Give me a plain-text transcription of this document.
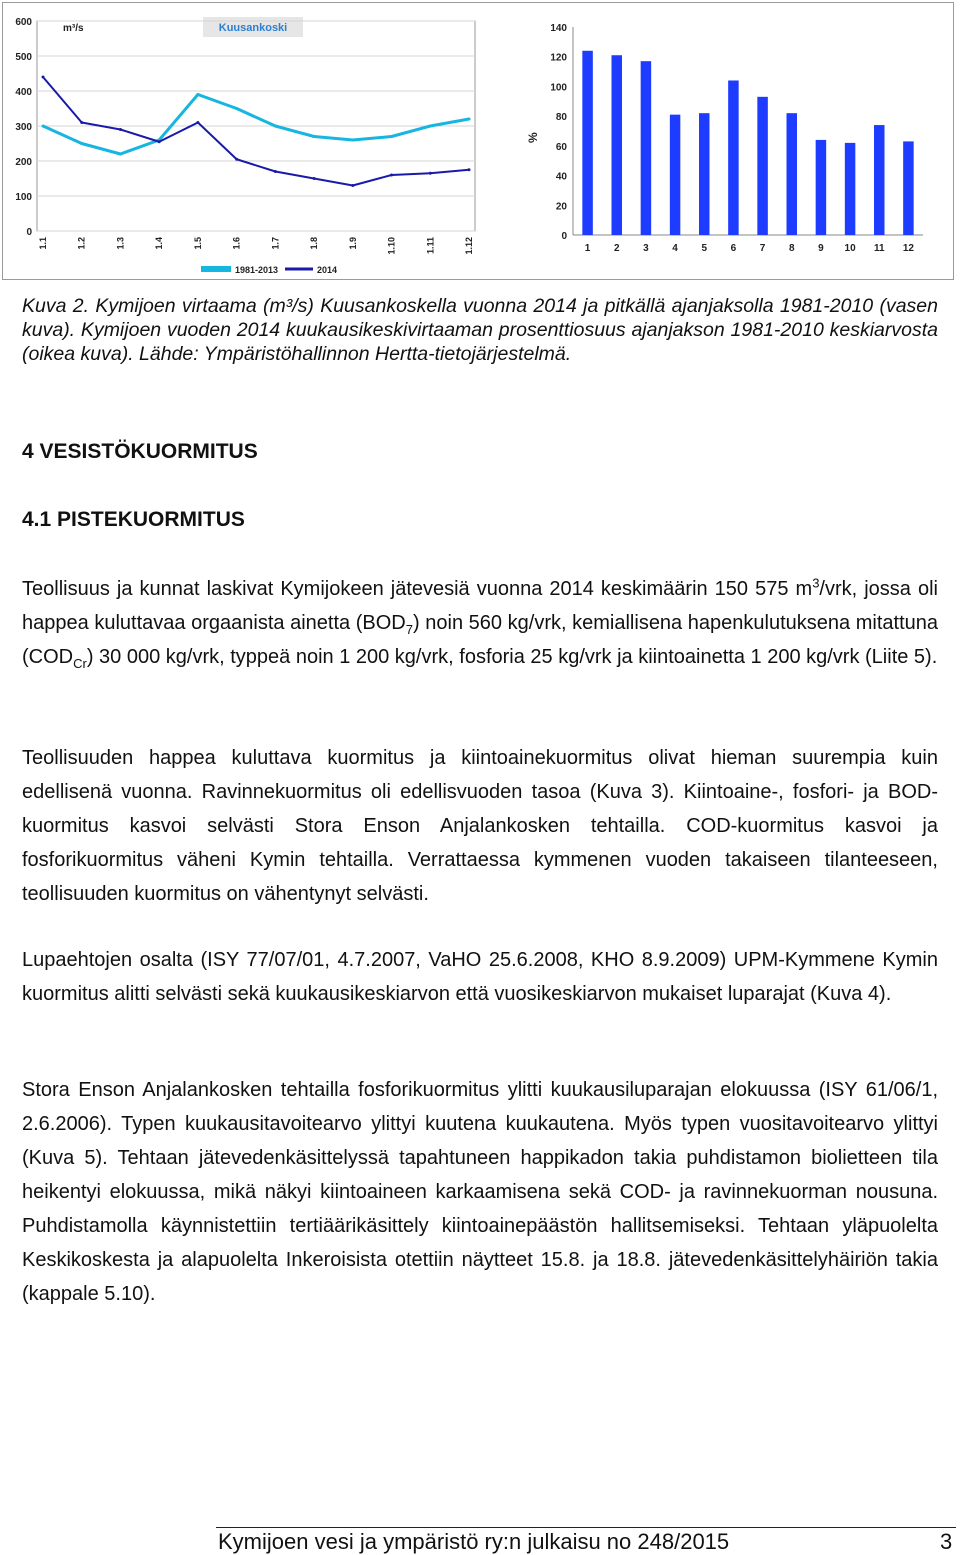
Kuusankoski
m³/s
600
500
400
300
200
100
0
1.1	1.2	1.3	1.4	1.5	1.6	1.7	1.8	1.9	1.10	1.11	1.12
1981-2013	2014
%
140
120
100
80
60
40
20
0
1 2 3 4 5 6 7 8 9 10 11 12

Kuva 2. Kymijoen virtaama (m³/s) Kuusankoskella vuonna 2014 ja pitkällä ajanjaksolla 1981-2010 (vasen kuva). Kymijoen vuoden 2014 kuukausikeskivirtaaman prosenttiosuus ajanjakson 1981-2010 keskiarvosta (oikea kuva). Lähde: Ympäristöhallinnon Hertta-tietojärjestelmä.

4 VESISTÖKUORMITUS
4.1 PISTEKUORMITUS

Teollisuus ja kunnat laskivat Kymijokeen jätevesiä vuonna 2014 keskimäärin 150 575 $m^3$/vrk, jossa oli happea kuluttavaa orgaanista ainetta $(BOD_7)$ noin 560 kg/vrk, kemiallisena hapenkulutuksena mitattuna $(COD_{Cr})$ 30 000 kg/vrk, typpeä noin 1 200 kg/vrk, fosforia 25 kg/vrk ja kiintoainetta 1 200 kg/vrk (Liite 5).

Teollisuuden happea kuluttava kuormitus ja kiintoainekuormitus olivat hieman suurempia kuin edellisenä vuonna. Ravinnekuormitus oli edellisvuoden tasoa (Kuva 3). Kiintoaine-, fosfori- ja BOD-kuormitus kasvoi selvästi Stora Enson Anjalankosken tehtailla. COD-kuormitus kasvoi ja fosforikuormitus väheni Kymin tehtailla. Verrattaessa kymmenen vuoden takaiseen tilanteeseen, teollisuuden kuormitus on vähentynyt selvästi.

Lupaehtojen osalta (ISY 77/07/01, 4.7.2007, VaHO 25.6.2008, KHO 8.9.2009) UPM-Kymmene Kymin kuormitus alitti selvästi sekä kuukausikeskiarvon että vuosikeskiarvon mukaiset luparajat (Kuva 4).

Stora Enson Anjalankosken tehtailla fosforikuormitus ylitti kuukausiluparajan elokuussa (ISY 61/06/1, 2.6.2006). Typen kuukausitavoitearvo ylittyi kuutena kuukautena. Myös typen vuositavoitearvo ylittyi (Kuva 5). Tehtaan jätevedenkäsittelyssä tapahtuneen happikadon takia puhdistamon biolietteen tila heikentyi elokuussa, mikä näkyi kiintoaineen karkaamisena sekä COD- ja ravinnekuorman nousuna. Puhdistamolla käynnistettiin tertiäärikäsittely kiintoainepäästön hallitsemiseksi. Tehtaan yläpuolelta Keskikoskesta ja alapuolelta Inkeroisista otettiin näytteet 15.8. ja 18.8. jätevedenkäsittelyhäiriön takia (kappale 5.10).

Kymijoen vesi ja ympäristö ry:n julkaisu no 248/2015	3
